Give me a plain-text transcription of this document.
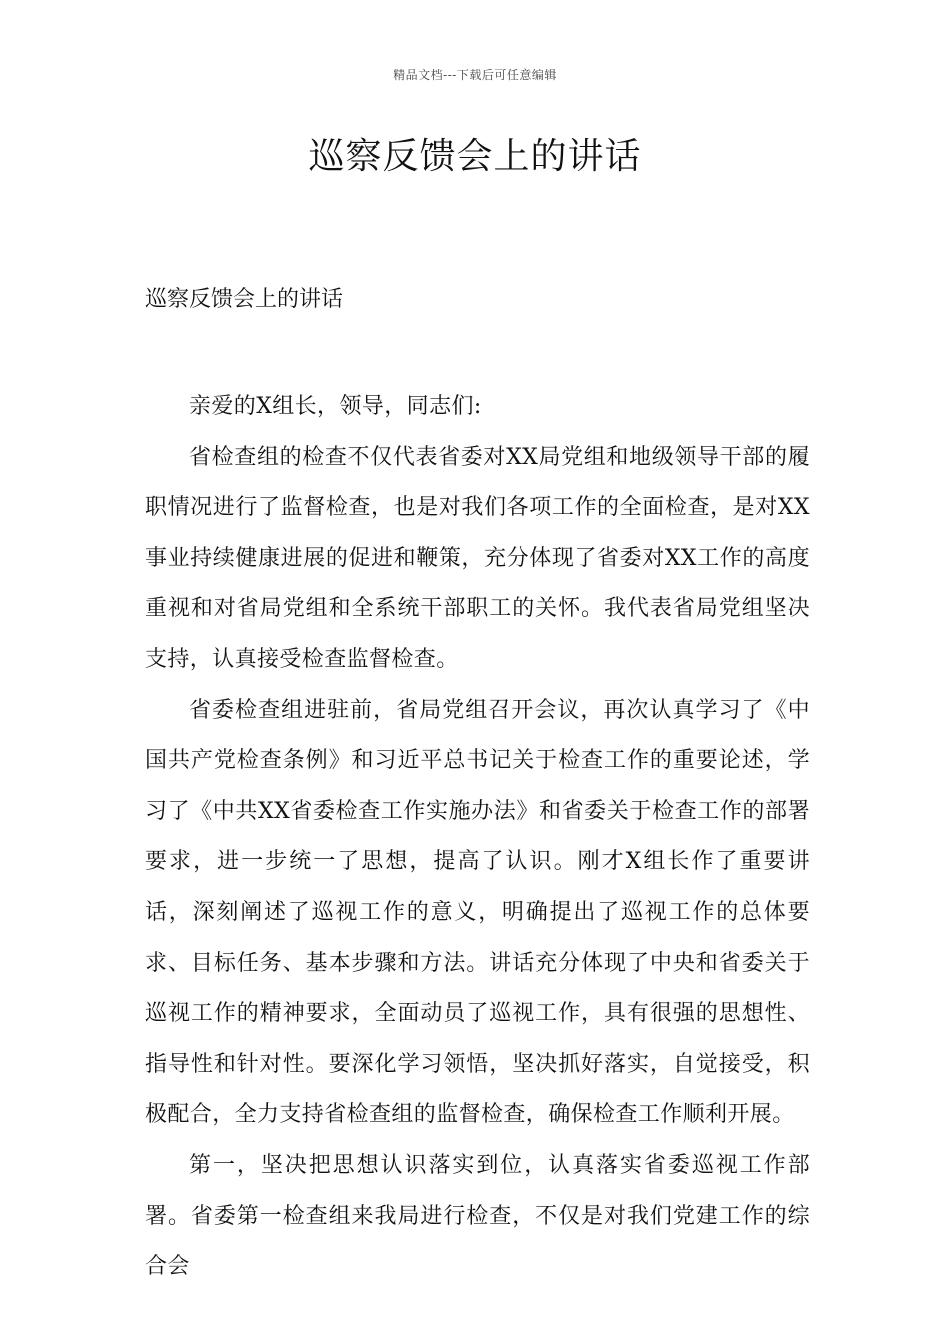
精品文档---下载后可任意编辑
巡察反馈会上的讲话

巡察反馈会上的讲话

亲爱的X组长，领导，同志们:

省检查组的检查不仅代表省委对XX局党组和地级领导干部的履职情况进行了监督检查，也是对我们各项工作的全面检查，是对XX事业持续健康进展的促进和鞭策，充分体现了省委对XX工作的高度重视和对省局党组和全系统干部职工的关怀。我代表省局党组坚决支持，认真接受检查监督检查。

省委检查组进驻前，省局党组召开会议，再次认真学习了《中国共产党检查条例》和习近平总书记关于检查工作的重要论述，学习了《中共XX省委检查工作实施办法》和省委关于检查工作的部署要求，进一步统一了思想，提高了认识。刚才X组长作了重要讲话，深刻阐述了巡视工作的意义，明确提出了巡视工作的总体要求、目标任务、基本步骤和方法。讲话充分体现了中央和省委关于巡视工作的精神要求，全面动员了巡视工作，具有很强的思想性、指导性和针对性。要深化学习领悟，坚决抓好落实，自觉接受，积极配合，全力支持省检查组的监督检查，确保检查工作顺利开展。

第一，坚决把思想认识落实到位，认真落实省委巡视工作部署。省委第一检查组来我局进行检查，不仅是对我们党建工作的综合会
